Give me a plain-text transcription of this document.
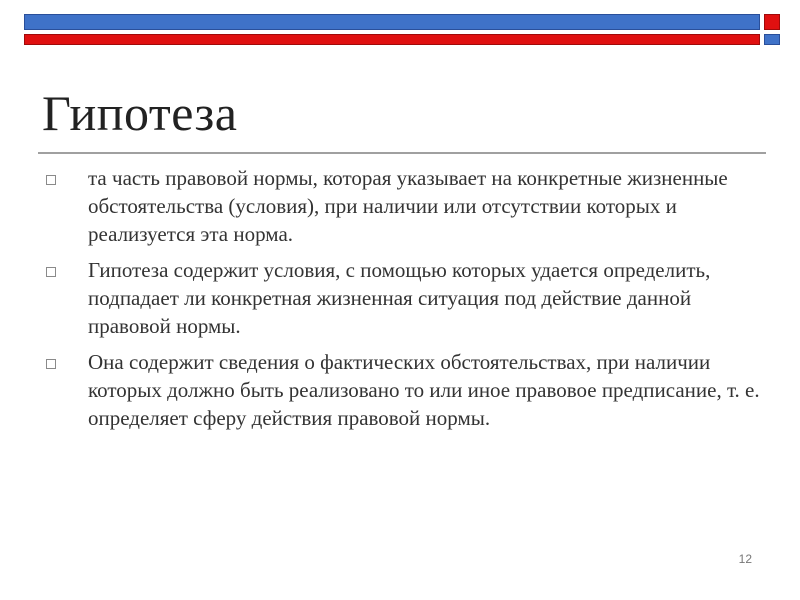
Гипотеза
та часть правовой нормы, которая указывает на конкретные жизненные обстоятельства (условия), при наличии или отсутствии которых и реализуется эта норма.
Гипотеза содержит условия, с помощью которых удается определить, подпадает ли конкретная жизненная ситуация под действие данной правовой нормы.
Она содержит сведения о фактических обстоятельствах, при наличии которых должно быть реализовано то или иное правовое предписание, т. е. определяет сферу действия правовой нормы.
12
